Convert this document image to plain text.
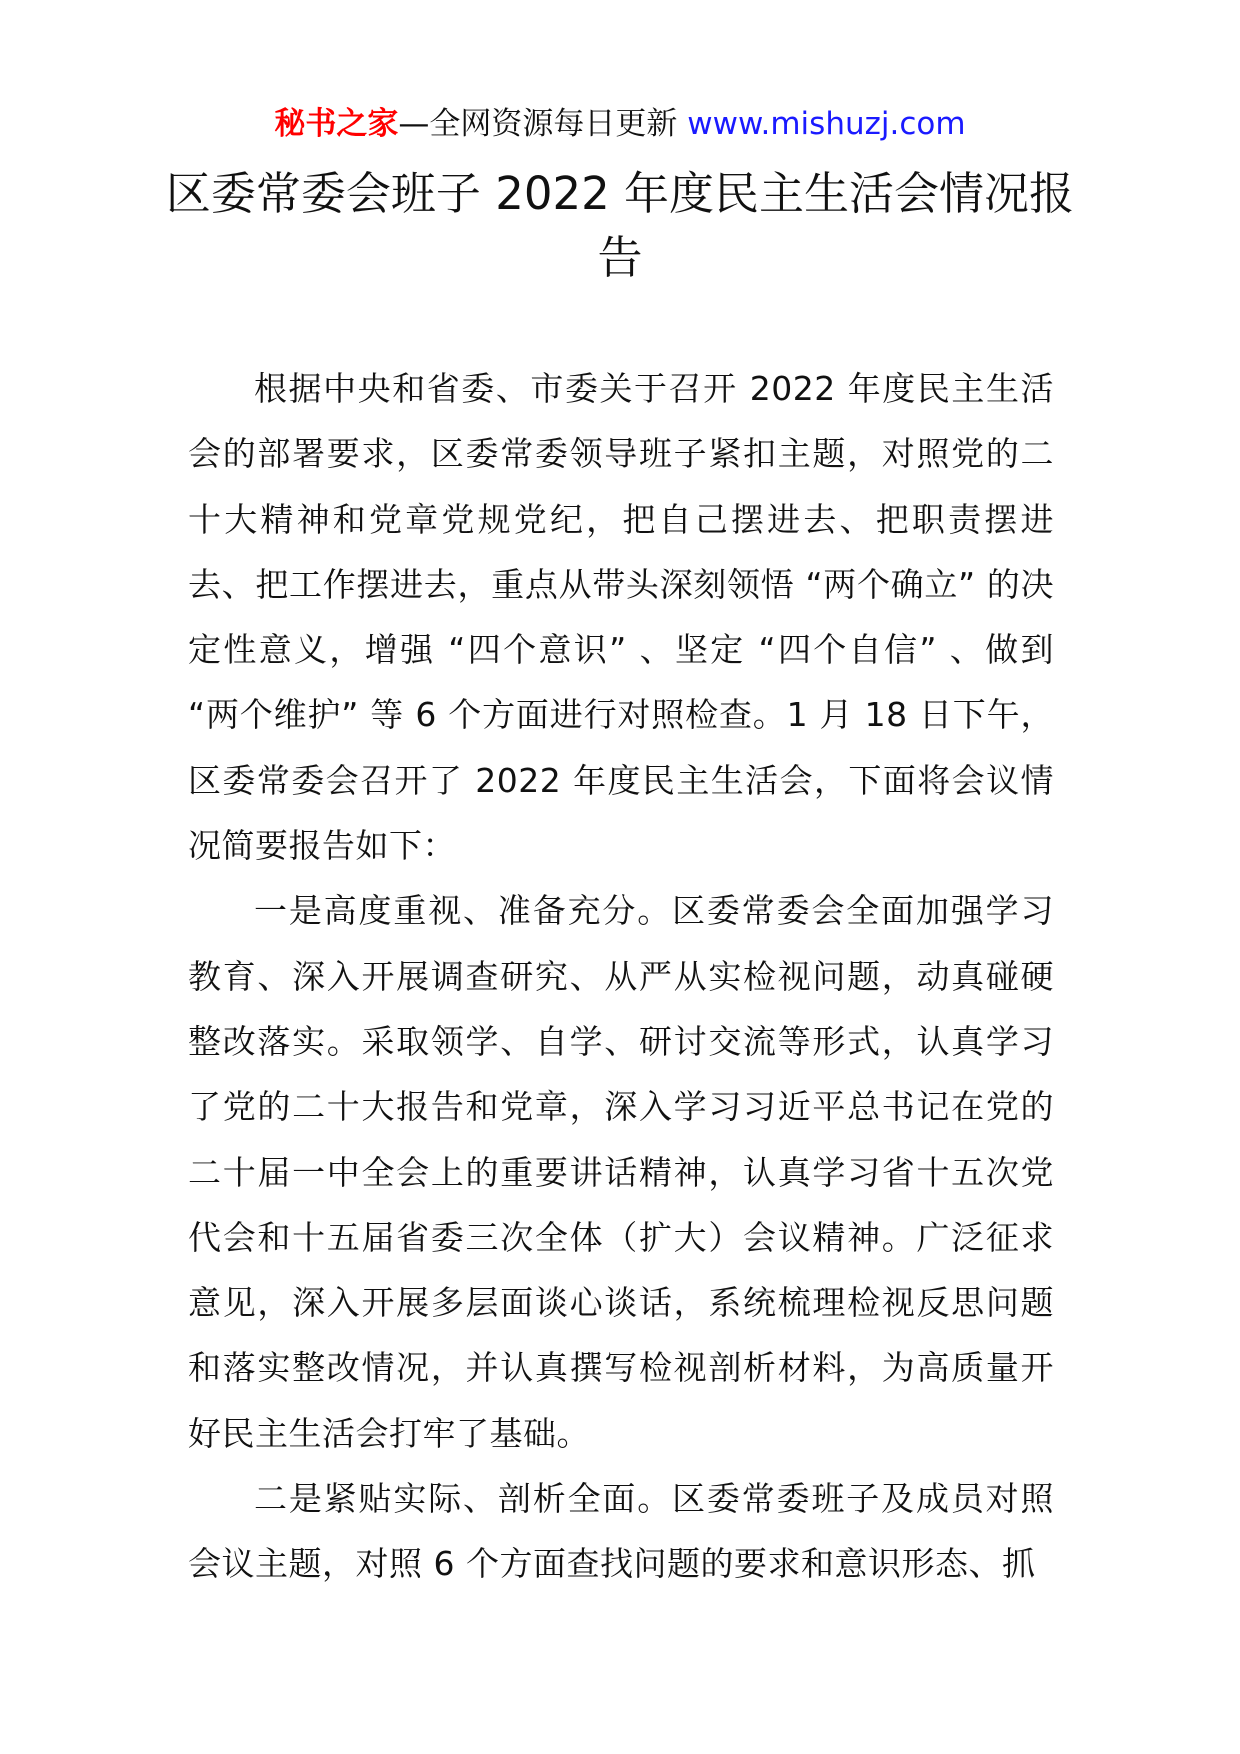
秘书之家—全网资源每日更新 www.mishuzj.com
区委常委会班子 2022 年度民主生活会情况报告

根据中央和省委、市委关于召开 2022 年度民主生活会的部署要求，区委常委领导班子紧扣主题，对照党的二十大精神和党章党规党纪，把自己摆进去、把职责摆进去、把工作摆进去，重点从带头深刻领悟 “两个确立” 的决定性意义，增强 “四个意识” 、坚定 “四个自信” 、做到 “两个维护” 等 6 个方面进行对照检查。1 月 18 日下午，区委常委会召开了 2022 年度民主生活会，下面将会议情况简要报告如下：

一是高度重视、准备充分。区委常委会全面加强学习教育、深入开展调查研究、从严从实检视问题，动真碰硬整改落实。采取领学、自学、研讨交流等形式，认真学习了党的二十大报告和党章，深入学习习近平总书记在党的二十届一中全会上的重要讲话精神，认真学习省十五次党代会和十五届省委三次全体（扩大）会议精神。广泛征求意见，深入开展多层面谈心谈话，系统梳理检视反思问题和落实整改情况，并认真撰写检视剖析材料，为高质量开好民主生活会打牢了基础。

二是紧贴实际、剖析全面。区委常委班子及成员对照会议主题，对照 6 个方面查找问题的要求和意识形态、抓
